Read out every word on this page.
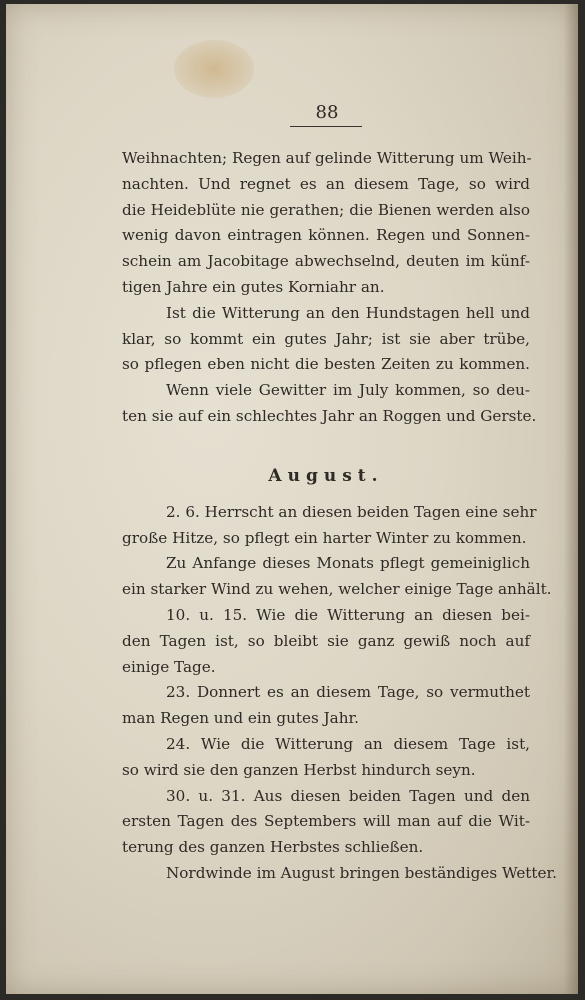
88
Weihnachten; Regen auf gelinde Witterung um Weih-
nachten. Und regnet es an diesem Tage, so wird
die Heideblüte nie gerathen; die Bienen werden also
wenig davon eintragen können. Regen und Sonnen-
schein am Jacobitage abwechselnd, deuten im künf-
tigen Jahre ein gutes Korniahr an.
Ist die Witterung an den Hundstagen hell und
klar, so kommt ein gutes Jahr; ist sie aber trübe,
so pflegen eben nicht die besten Zeiten zu kommen.
Wenn viele Gewitter im July kommen, so deu-
ten sie auf ein schlechtes Jahr an Roggen und Gerste.
August.
2. 6. Herrscht an diesen beiden Tagen eine sehr
große Hitze, so pflegt ein harter Winter zu kommen.
Zu Anfange dieses Monats pflegt gemeiniglich
ein starker Wind zu wehen, welcher einige Tage anhält.
10. u. 15. Wie die Witterung an diesen bei-
den Tagen ist, so bleibt sie ganz gewiß noch auf
einige Tage.
23. Donnert es an diesem Tage, so vermuthet
man Regen und ein gutes Jahr.
24. Wie die Witterung an diesem Tage ist,
so wird sie den ganzen Herbst hindurch seyn.
30. u. 31. Aus diesen beiden Tagen und den
ersten Tagen des Septembers will man auf die Wit-
terung des ganzen Herbstes schließen.
Nordwinde im August bringen beständiges Wetter.
